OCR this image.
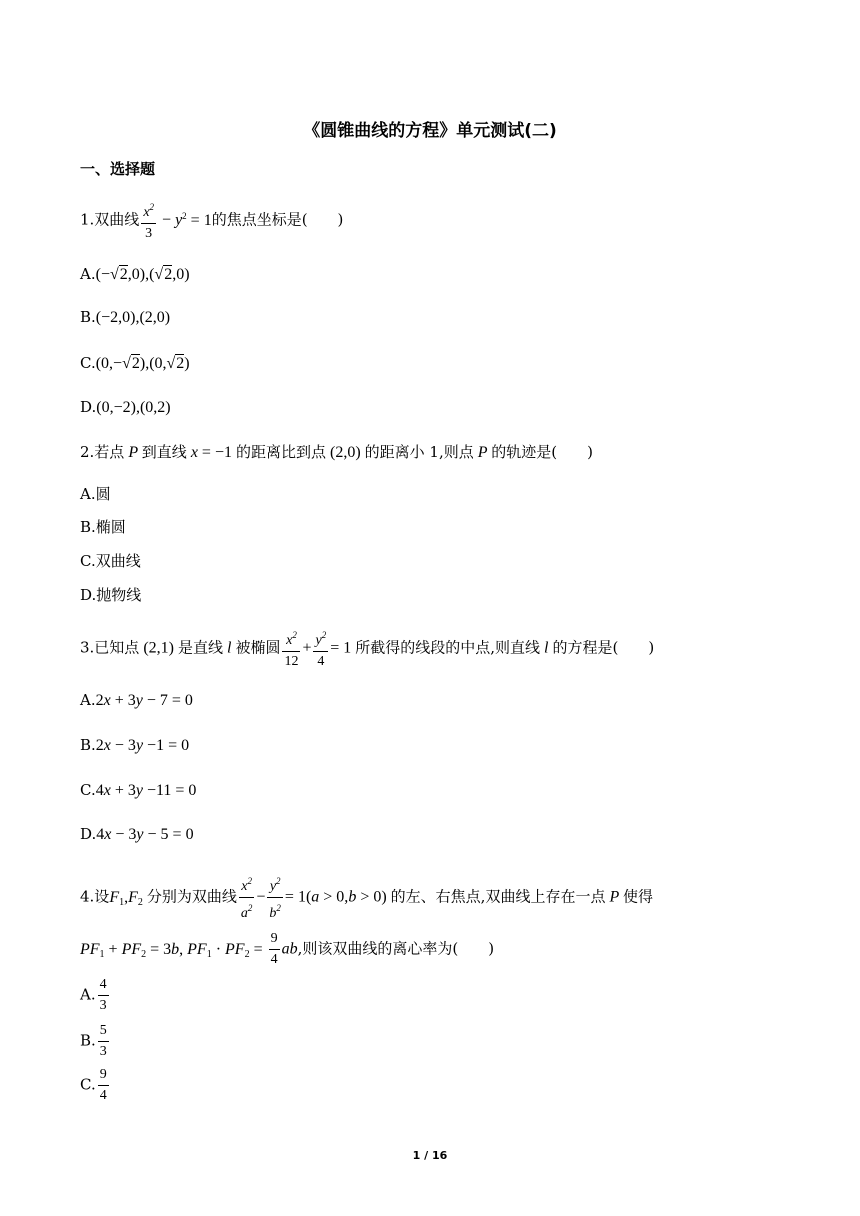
《圆锥曲线的方程》单元测试(二)
一、选择题
1.双曲线 $\frac{x^2}{3} - y^2 = 1$的焦点坐标是(　　)
A.(−√2,0),(√2,0)
B.(−2,0),(2,0)
C.(0,−√2),(0,√2)
D.(0,−2),(0,2)
2.若点 P 到直线 x = −1 的距离比到点 (2,0) 的距离小 1,则点 P 的轨迹是(　　)
A.圆
B.椭圆
C.双曲线
D.抛物线
3.已知点 (2,1) 是直线 l 被椭圆 $\frac{x^2}{12} + \frac{y^2}{4} = 1$ 所截得的线段的中点,则直线 l 的方程是(　　)
A.2x + 3y − 7 = 0
B.2x − 3y −1 = 0
C.4x + 3y −11 = 0
D.4x − 3y − 5 = 0
4.设$F_1,F_2$ 分别为双曲线 $\frac{x^2}{a^2} - \frac{y^2}{b^2} = 1(a > 0,b > 0)$ 的左、右焦点,双曲线上存在一点 P 使得
$PF_1 + PF_2 = 3b$, $PF_1 \cdot PF_2 = \frac{9}{4}$ ab,则该双曲线的离心率为(　　)
A. $\frac{4}{3}$
B. $\frac{5}{3}$
C. $\frac{9}{4}$
1 / 16
